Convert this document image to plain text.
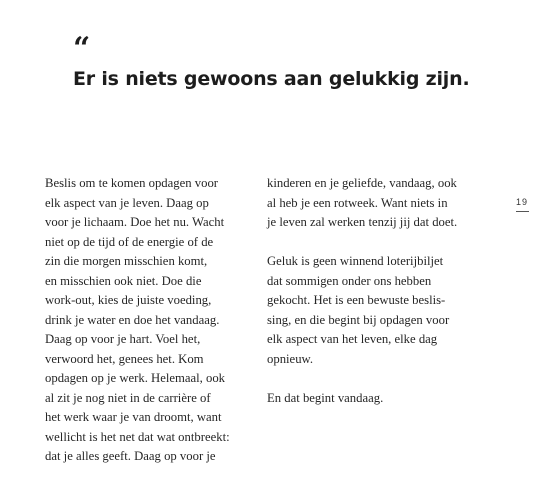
“
Er is niets gewoons aan gelukkig zijn.
Beslis om te komen opdagen voor
elk aspect van je leven. Daag op
voor je lichaam. Doe het nu. Wacht
niet op de tijd of de energie of de
zin die morgen misschien komt,
en misschien ook niet. Doe die
work-out, kies de juiste voeding,
drink je water en doe het vandaag.
Daag op voor je hart. Voel het,
verwoord het, genees het. Kom
opdagen op je werk. Helemaal, ook
al zit je nog niet in de carrière of
het werk waar je van droomt, want
wellicht is het net dat wat ontbreekt:
dat je alles geeft. Daag op voor je
kinderen en je geliefde, vandaag, ook
al heb je een rotweek. Want niets in
je leven zal werken tenzij jij dat doet.
Geluk is geen winnend loterijbiljet
dat sommigen onder ons hebben
gekocht. Het is een bewuste beslis-
sing, en die begint bij opdagen voor
elk aspect van het leven, elke dag
opnieuw.
En dat begint vandaag.
19
